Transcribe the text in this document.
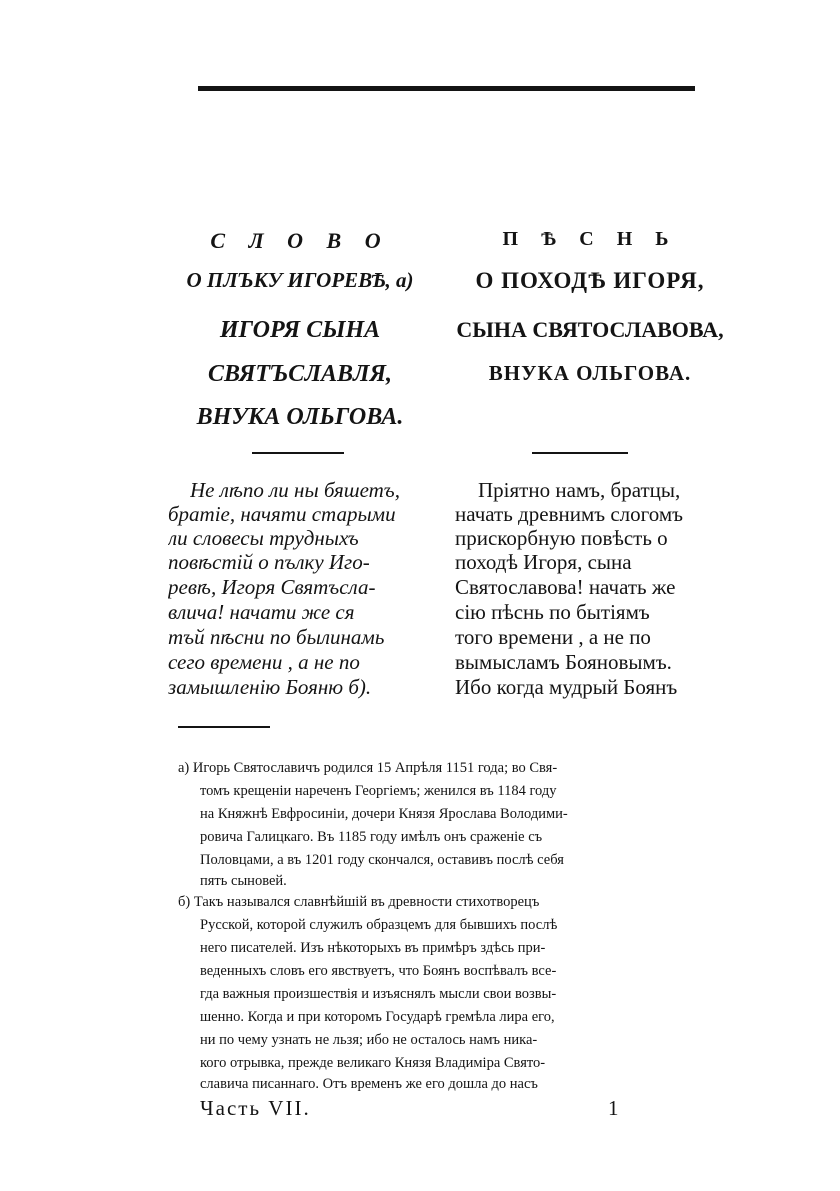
С Л О В О
О ПЛЪКУ ИГОРЕВѢ, а)
ИГОРЯ СЫНА
СВЯТЪСЛАВЛЯ,
ВНУКА ОЛЬГОВА.
П Ѣ С Н Ь
О ПОХОДѢ ИГОРЯ,
СЫНА СВЯТОСЛАВОВА,
ВНУКА ОЛЬГОВА.
Не лѣпо ли ны бяшетъ,
братіе, начяти старыми
ли словесы трудныхъ
повѣстій о пълку Иго-
ревѣ, Игоря Святъсла-
влича! начати же ся
тъй пѣсни по былинамь
сего времени , а не по
замышленію Бояню б).
Пріятно намъ, братцы,
начать древнимъ слогомъ
прискорбную повѣсть о
походѣ Игоря, сына
Святославова! начать же
сію пѣснь по бытіямъ
того времени , а не по
вымысламъ Бояновымъ.
Ибо когда мудрый Боянъ
а) Игорь Святославичъ родился 15 Апрѣля 1151 года; во Свя-
томъ крещеніи нареченъ Георгіемъ; женился въ 1184 году
на Княжнѣ Евфросиніи, дочери Князя Ярослава Володими-
ровича Галицкаго. Въ 1185 году имѣлъ онъ сраженіе съ
Половцами, а въ 1201 году скончался, оставивъ послѣ себя
пять сыновей.
б) Такъ назывался славнѣйшій въ древности стихотворецъ
Русской, которой служилъ образцемъ для бывшихъ послѣ
него писателей. Изъ нѣкоторыхъ въ примѣръ здѣсь при-
веденныхъ словъ его явствуетъ, что Боянъ воспѣвалъ все-
гда важныя произшествія и изъяснялъ мысли свои возвы-
шенно. Когда и при которомъ Государѣ гремѣла лира его,
ни по чему узнать не льзя; ибо не осталось намъ ника-
кого отрывка, прежде великаго Князя Владиміра Свято-
славича писаннаго. Отъ временъ же его дошла до насъ
Часть VII.	1
